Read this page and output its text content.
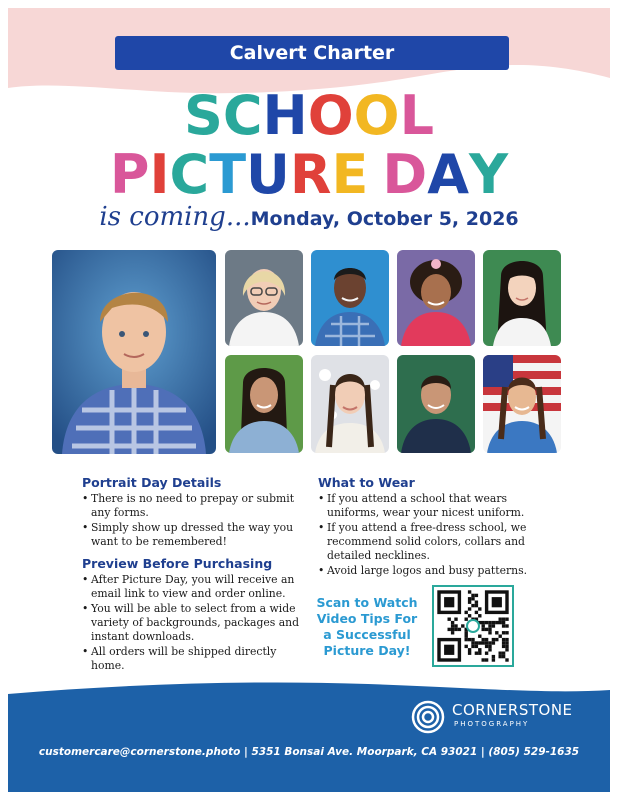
Calvert Charter
SCHOOL
PICTURE DAY
is coming...Monday, October 5, 2026
Portrait Day Details
• There is no need to prepay or submit any forms.
• Simply show up dressed the way you want to be remembered!
Preview Before Purchasing
• After Picture Day, you will receive an email link to view and order online.
• You will be able to select from a wide variety of backgrounds, packages and instant downloads.
• All orders will be shipped directly home.
What to Wear
• If you attend a school that wears uniforms, wear your nicest uniform.
• If you attend a free-dress school, we recommend solid colors, collars and detailed necklines.
• Avoid large logos and busy patterns.
Scan to Watch
Video Tips For
a Successful
Picture Day!
CORNERSTONE
PHOTOGRAPHY
customercare@cornerstone.photo | 5351 Bonsai Ave. Moorpark, CA 93021 | (805) 529-1635
